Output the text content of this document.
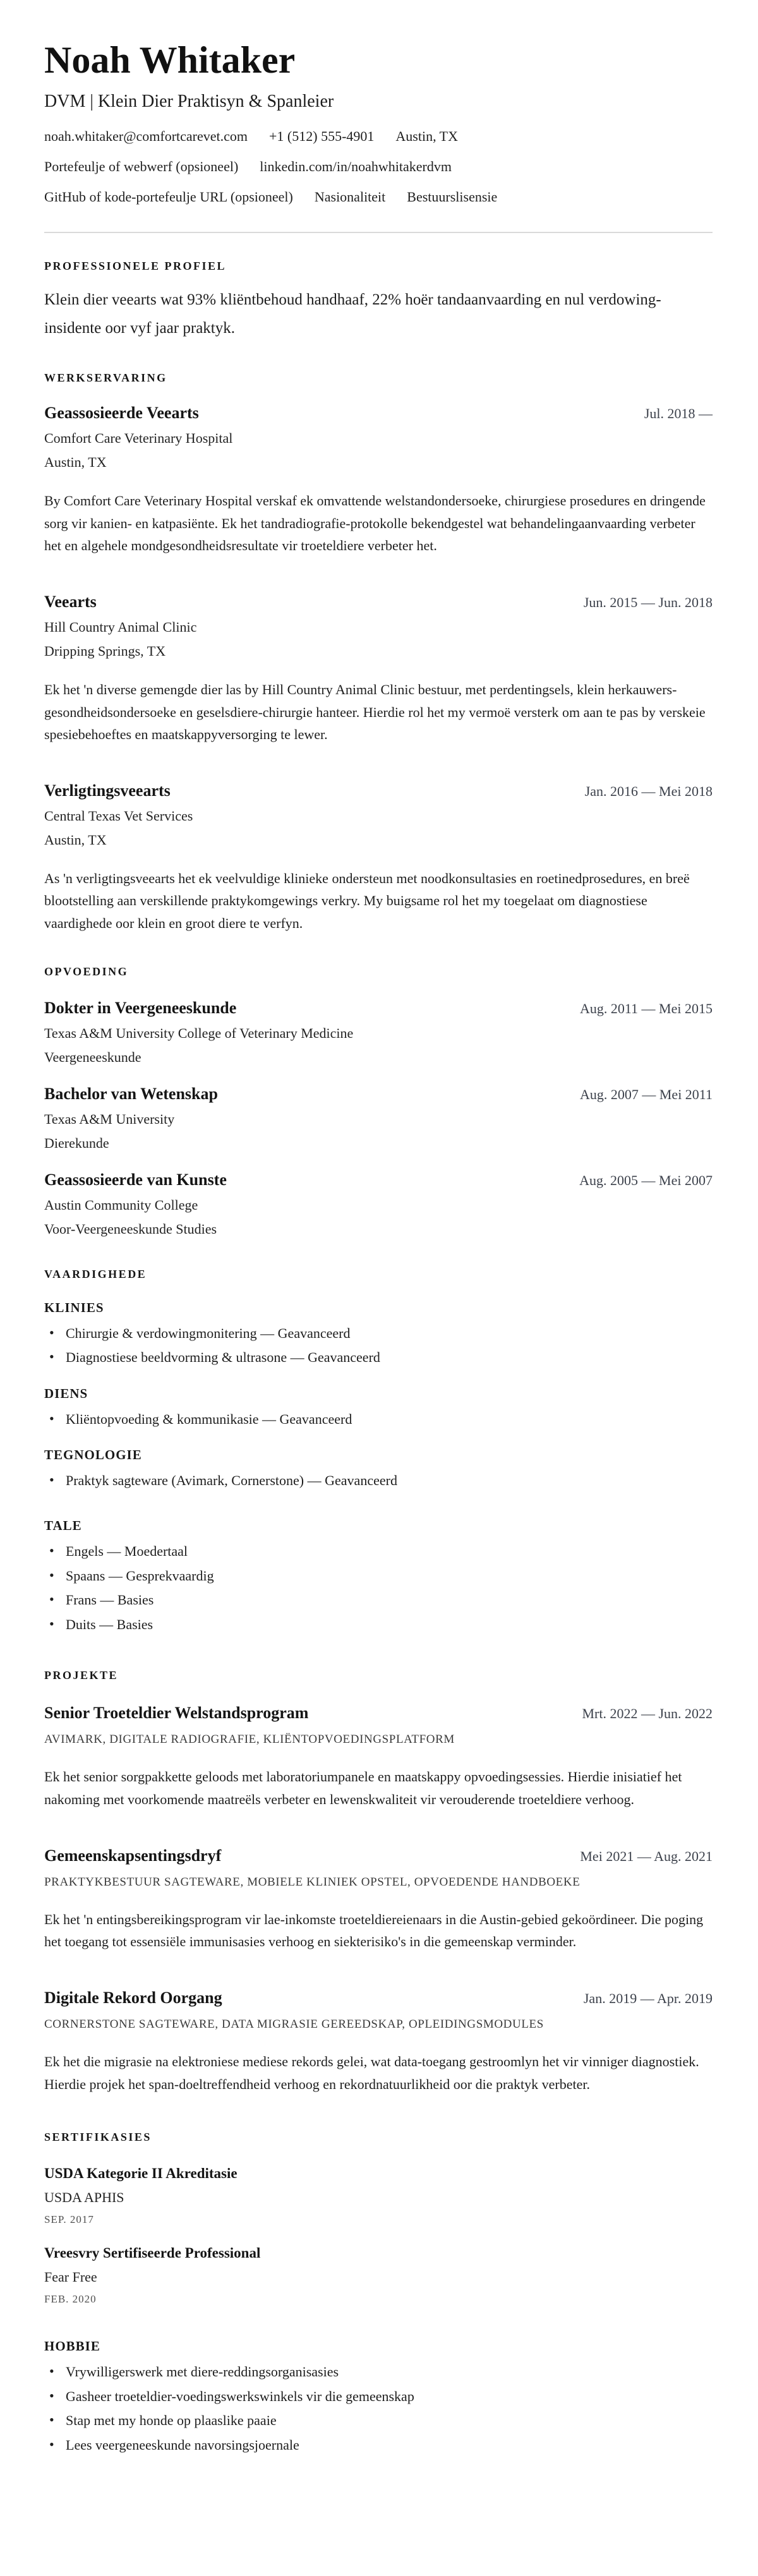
Noah Whitaker
DVM | Klein Dier Praktisyn & Spanleier
noah.whitaker@comfortcarevet.com +1 (512) 555-4901 Austin, TX
Portefeulje of webwerf (opsioneel) linkedin.com/in/noahwhitakerdvm
GitHub of kode-portefeulje URL (opsioneel) Nasionaliteit Bestuurslisensie
PROFESSIONELE PROFIEL

Klein dier veearts wat 93% kliëntbehoud handhaaf, 22% hoër tandaanvaarding en nul verdowing-insidente oor vyf jaar praktyk.

WERKSERVARING
Geassosieerde Veearts	Jul. 2018 —
Comfort Care Veterinary Hospital
Austin, TX

By Comfort Care Veterinary Hospital verskaf ek omvattende welstandondersoeke, chirurgiese prosedures en dringende sorg vir kanien- en katpasiënte. Ek het tandradiografie-protokolle bekendgestel wat behandelingaanvaarding verbeter het en algehele mondgesondheidsresultate vir troeteldiere verbeter het.

Veearts	Jun. 2015 — Jun. 2018
Hill Country Animal Clinic
Dripping Springs, TX

Ek het 'n diverse gemengde dier las by Hill Country Animal Clinic bestuur, met perdentingsels, klein herkauwers-gesondheidsondersoeke en geselsdiere-chirurgie hanteer. Hierdie rol het my vermoë versterk om aan te pas by verskeie spesiebehoeftes en maatskappyversorging te lewer.

Verligtingsveearts	Jan. 2016 — Mei 2018
Central Texas Vet Services
Austin, TX

As 'n verligtingsveearts het ek veelvuldige klinieke ondersteun met noodkonsultasies en roetinedprosedures, en breë blootstelling aan verskillende praktykomgewings verkry. My buigsame rol het my toegelaat om diagnostiese vaardighede oor klein en groot diere te verfyn.

OPVOEDING
Dokter in Veergeneeskunde	Aug. 2011 — Mei 2015
Texas A&M University College of Veterinary Medicine
Veergeneeskunde
Bachelor van Wetenskap	Aug. 2007 — Mei 2011
Texas A&M University
Dierekunde
Geassosieerde van Kunste	Aug. 2005 — Mei 2007
Austin Community College
Voor-Veergeneeskunde Studies
VAARDIGHEDE
KLINIES
• Chirurgie & verdowingmonitering — Geavanceerd
• Diagnostiese beeldvorming & ultrasone — Geavanceerd
DIENS
• Kliëntopvoeding & kommunikasie — Geavanceerd
TEGNOLOGIE
• Praktyk sagteware (Avimark, Cornerstone) — Geavanceerd
TALE
• Engels — Moedertaal
• Spaans — Gesprekvaardig
• Frans — Basies
• Duits — Basies
PROJEKTE
Senior Troeteldier Welstandsprogram	Mrt. 2022 — Jun. 2022
AVIMARK, DIGITALE RADIOGRAFIE, KLIËNTOPVOEDINGSPLATFORM

Ek het senior sorgpakkette geloods met laboratoriumpanele en maatskappy opvoedingsessies. Hierdie inisiatief het nakoming met voorkomende maatreëls verbeter en lewenskwaliteit vir verouderende troeteldiere verhoog.

Gemeenskapsentingsdryf	Mei 2021 — Aug. 2021
PRAKTYKBESTUUR SAGTEWARE, MOBIELE KLINIEK OPSTEL, OPVOEDENDE HANDBOEKE

Ek het 'n entingsbereikingsprogram vir lae-inkomste troeteldiereienaars in die Austin-gebied gekoördineer. Die poging het toegang tot essensiële immunisasies verhoog en siekterisiko's in die gemeenskap verminder.

Digitale Rekord Oorgang	Jan. 2019 — Apr. 2019
CORNERSTONE SAGTEWARE, DATA MIGRASIE GEREEDSKAP, OPLEIDINGSMODULES

Ek het die migrasie na elektroniese mediese rekords gelei, wat data-toegang gestroomlyn het vir vinniger diagnostiek. Hierdie projek het span-doeltreffendheid verhoog en rekordnatuurlikheid oor die praktyk verbeter.

SERTIFIKASIES
USDA Kategorie II Akreditasie
USDA APHIS
SEP. 2017
Vreesvry Sertifiseerde Professional
Fear Free
FEB. 2020
HOBBIE
• Vrywilligerswerk met diere-reddingsorganisasies
• Gasheer troeteldier-voedingswerkswinkels vir die gemeenskap
• Stap met my honde op plaaslike paaie
• Lees veergeneeskunde navorsingsjoernale
